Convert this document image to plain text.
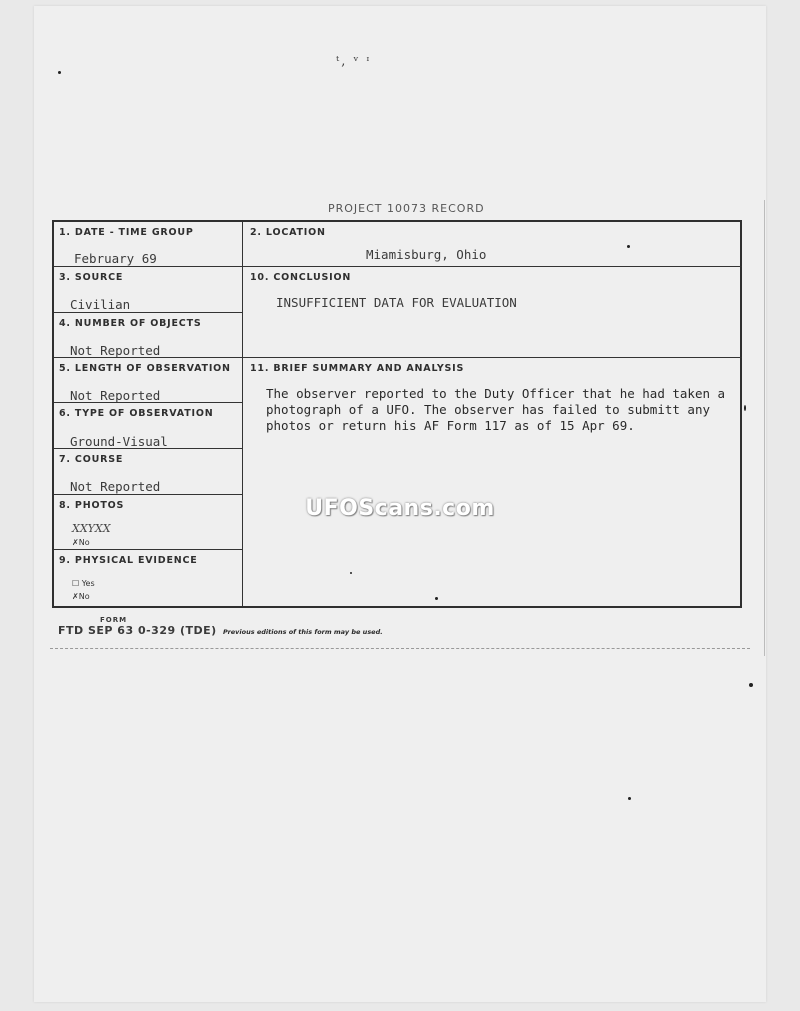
ᵗ, ᵛ ᶦ
PROJECT 10073 RECORD
1. DATE - TIME GROUP
February 69
2. LOCATION
Miamisburg, Ohio
3. SOURCE
Civilian
10. CONCLUSION
INSUFFICIENT DATA FOR EVALUATION
4. NUMBER OF OBJECTS
Not Reported
5. LENGTH OF OBSERVATION
Not Reported
11. BRIEF SUMMARY AND ANALYSIS
The observer reported to the Duty Officer that he had taken a photograph of a UFO. The observer has failed to submitt any photos or return his AF Form 117 as of 15 Apr 69.
6. TYPE OF OBSERVATION
Ground-Visual
7. COURSE
Not Reported
8. PHOTOS
XXYXX
✗No
9. PHYSICAL EVIDENCE
☐ Yes
✗No
FORM
FTD SEP 63 0-329 (TDE) Previous editions of this form may be used.
UFOScans.com
